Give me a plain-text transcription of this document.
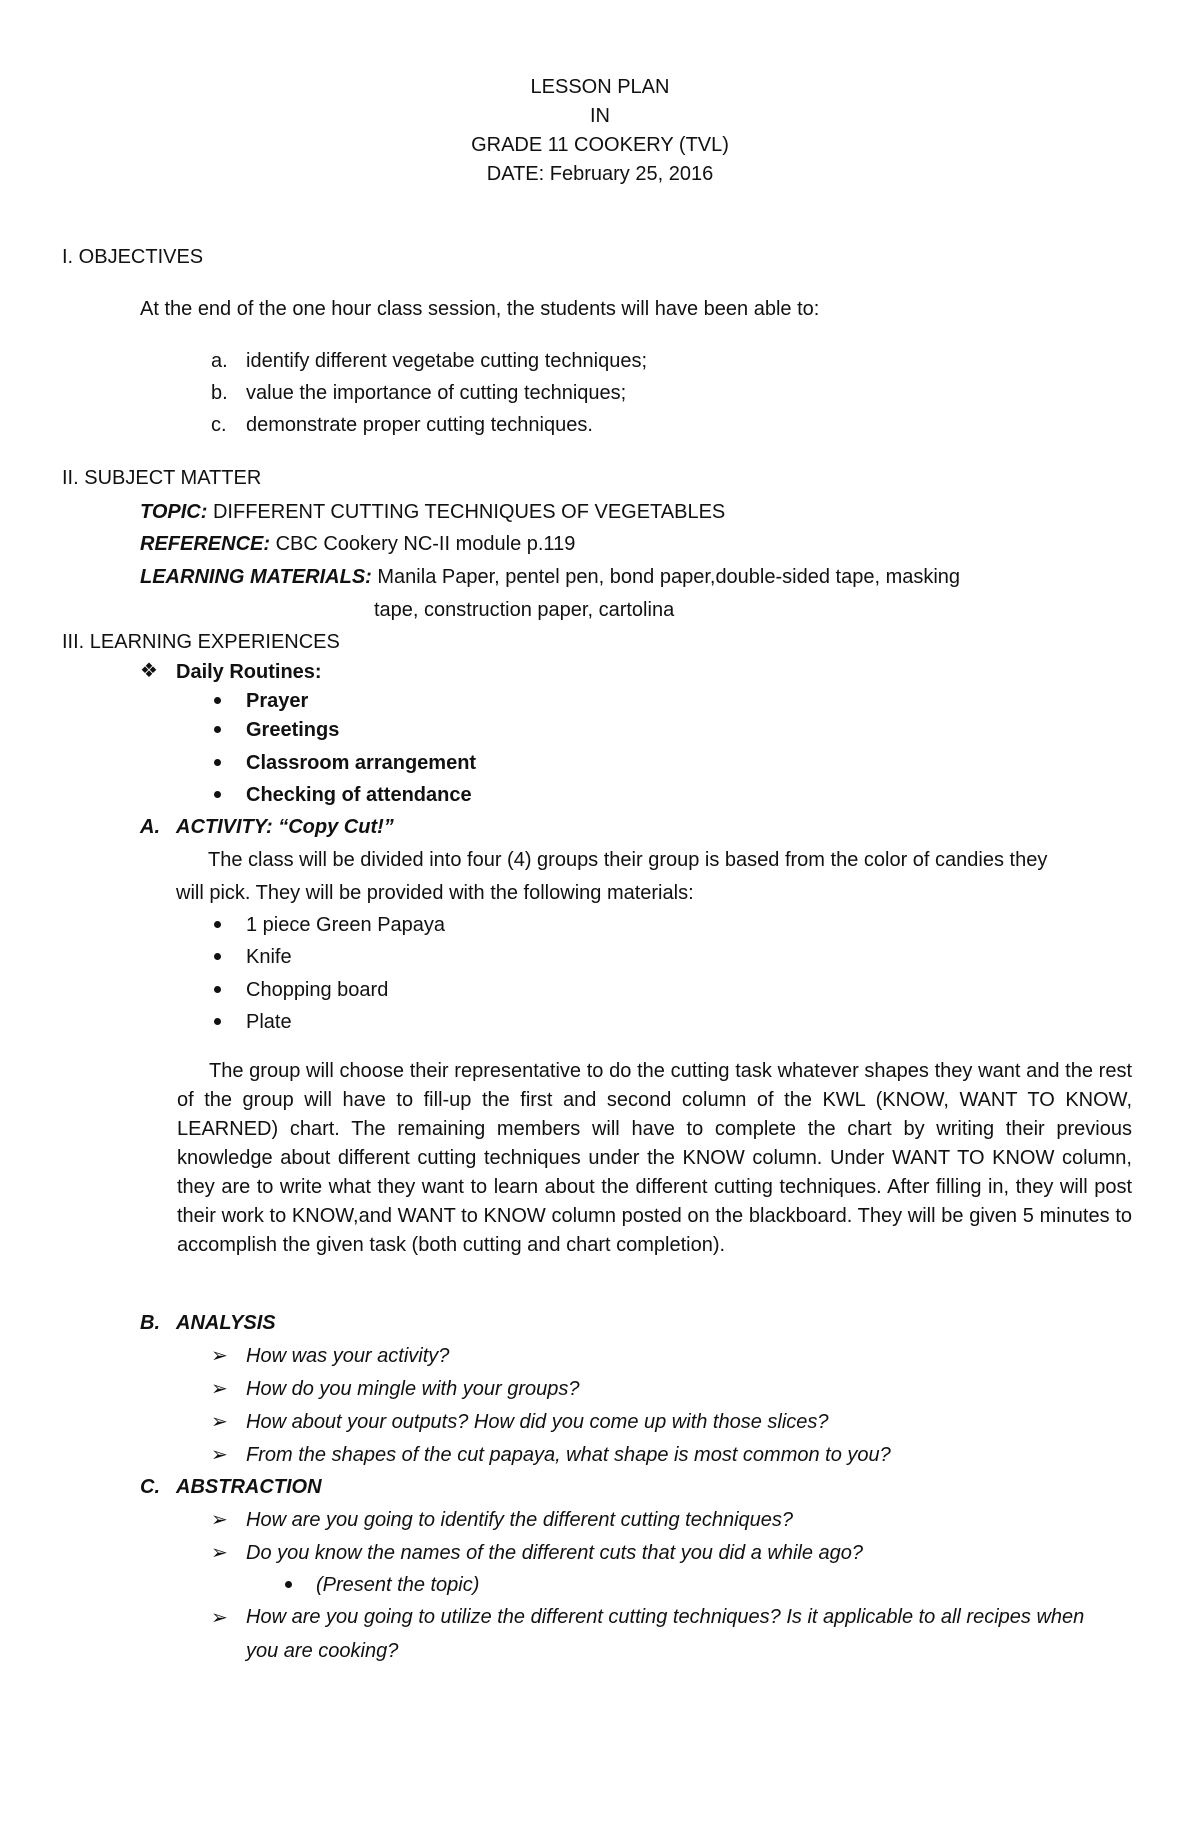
LESSON PLAN
IN
GRADE 11 COOKERY (TVL)
DATE: February 25, 2016
I. OBJECTIVES
At the end of the one hour class session, the students will have been able to:
a. identify different vegetabe cutting techniques;
b. value the importance of cutting techniques;
c. demonstrate proper cutting techniques.
II. SUBJECT MATTER
TOPIC: DIFFERENT CUTTING TECHNIQUES OF VEGETABLES
REFERENCE: CBC Cookery NC-II module p.119
LEARNING MATERIALS: Manila Paper, pentel pen, bond paper,double-sided tape, masking
tape, construction paper, cartolina
III. LEARNING EXPERIENCES
❖ Daily Routines:
Prayer
Greetings
Classroom arrangement
Checking of attendance
A. ACTIVITY: “Copy Cut!”
The class will be divided into four (4) groups their group is based from the color of candies they
will pick. They will be provided with the following materials:
1 piece Green Papaya
Knife
Chopping board
Plate
The group will choose their representative to do the cutting task whatever shapes they want and the rest of the group will have to fill-up the first and second column of the KWL (KNOW, WANT TO KNOW, LEARNED) chart. The remaining members will have to complete the chart by writing their previous knowledge about different cutting techniques under the KNOW column. Under WANT TO KNOW column, they are to write what they want to learn about the different cutting techniques. After filling in, they will post their work to KNOW,and WANT to KNOW column posted on the blackboard. They will be given 5 minutes to accomplish the given task (both cutting and chart completion).
B. ANALYSIS
➢ How was your activity?
➢ How do you mingle with your groups?
➢ How about your outputs? How did you come up with those slices?
➢ From the shapes of the cut papaya, what shape is most common to you?
C. ABSTRACTION
➢ How are you going to identify the different cutting techniques?
➢ Do you know the names of the different cuts that you did a while ago?
(Present the topic)
➢ How are you going to utilize the different cutting techniques? Is it applicable to all recipes when you are cooking?
